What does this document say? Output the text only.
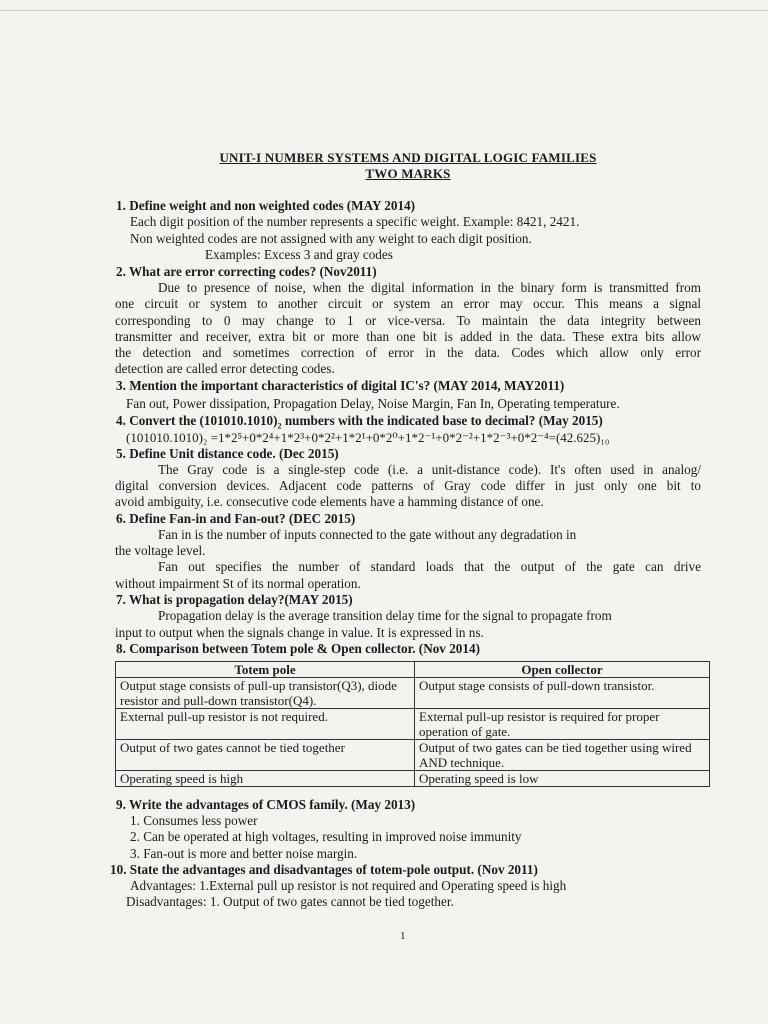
UNIT-I NUMBER SYSTEMS AND DIGITAL LOGIC FAMILIES
TWO MARKS
1. Define weight and non weighted codes (MAY 2014)
Each digit position of the number represents a specific weight. Example: 8421, 2421.
Non weighted codes are not assigned with any weight to each digit position.
Examples: Excess 3 and gray codes
2. What are error correcting codes? (Nov2011)
Due to presence of noise, when the digital information in the binary form is transmitted from
one circuit or system to another circuit or system an error may occur. This means a signal
corresponding to 0 may change to 1 or vice-versa. To maintain the data integrity between
transmitter and receiver, extra bit or more than one bit is added in the data. These extra bits allow
the detection and sometimes correction of error in the data. Codes which allow only error
detection are called error detecting codes.
3. Mention the important characteristics of digital IC's? (MAY 2014, MAY2011)
Fan out, Power dissipation, Propagation Delay, Noise Margin, Fan In, Operating temperature.
4. Convert the $(101010.1010)_2$ numbers with the indicated base to decimal? (May 2015)
(101010.1010)₂ =1*2⁵+0*2⁴+1*2³+0*2²+1*2¹+0*2⁰+1*2⁻¹+0*2⁻²+1*2⁻³+0*2⁻⁴=(42.625)₁₀
5. Define Unit distance code. (Dec 2015)
The Gray code is a single-step code (i.e. a unit-distance code). It's often used in analog/
digital conversion devices. Adjacent code patterns of Gray code differ in just only one bit to
avoid ambiguity, i.e. consecutive code elements have a hamming distance of one.
6. Define Fan-in and Fan-out? (DEC 2015)
Fan in is the number of inputs connected to the gate without any degradation in
the voltage level.
Fan out specifies the number of standard loads that the output of the gate can drive
without impairment St of its normal operation.
7. What is propagation delay?(MAY 2015)
Propagation delay is the average transition delay time for the signal to propagate from
input to output when the signals change in value. It is expressed in ns.
8. Comparison between Totem pole & Open collector. (Nov 2014)
Totem pole	Open collector
Output stage consists of pull-up transistor(Q3), diode resistor and pull-down transistor(Q4).	Output stage consists of pull-down transistor.
External pull-up resistor is not required.	External pull-up resistor is required for proper operation of gate.
Output of two gates cannot be tied together	Output of two gates can be tied together using wired AND technique.
Operating speed is high	Operating speed is low
9. Write the advantages of CMOS family. (May 2013)
1. Consumes less power
2. Can be operated at high voltages, resulting in improved noise immunity
3. Fan-out is more and better noise margin.
10. State the advantages and disadvantages of totem-pole output. (Nov 2011)
Advantages: 1.External pull up resistor is not required and Operating speed is high
Disadvantages: 1. Output of two gates cannot be tied together.
1
